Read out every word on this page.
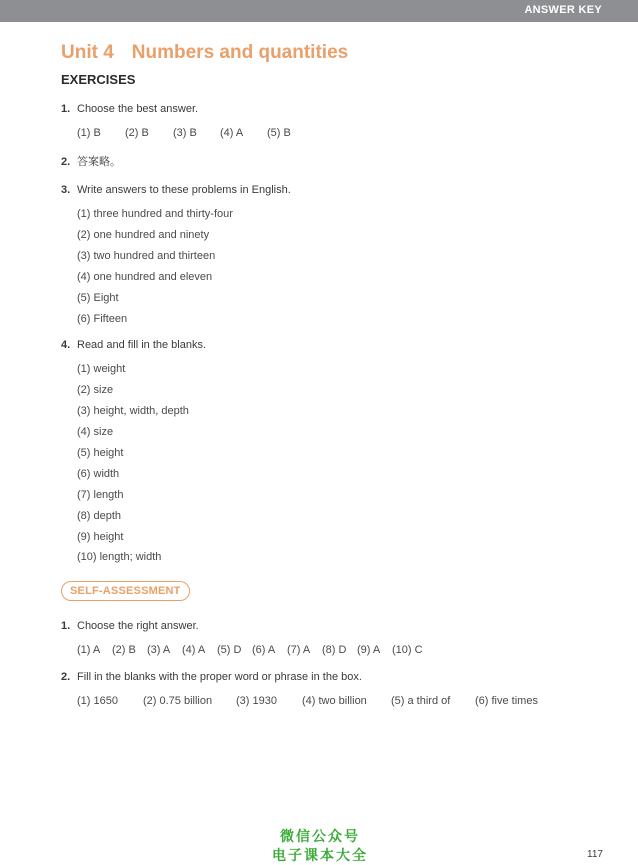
ANSWER KEY
Unit 4 Numbers and quantities
EXERCISES
1. Choose the best answer.
(1) B	(2) B	(3) B	(4) A	(5) B
2. 答案略。
3. Write answers to these problems in English.
(1) three hundred and thirty-four
(2) one hundred and ninety
(3) two hundred and thirteen
(4) one hundred and eleven
(5) Eight
(6) Fifteen
4. Read and fill in the blanks.
(1) weight
(2) size
(3) height, width, depth
(4) size
(5) height
(6) width
(7) length
(8) depth
(9) height
(10) length; width
SELF-ASSESSMENT
1. Choose the right answer.
(1) A	(2) B	(3) A	(4) A	(5) D (6) A	(7) A	(8) D (9) A	(10) C
2. Fill in the blanks with the proper word or phrase in the box.
(1) 1650	(2) 0.75 billion	(3) 1930	(4) two billion	(5) a third of	(6) five times
微信公众号
电子课本大全	117
